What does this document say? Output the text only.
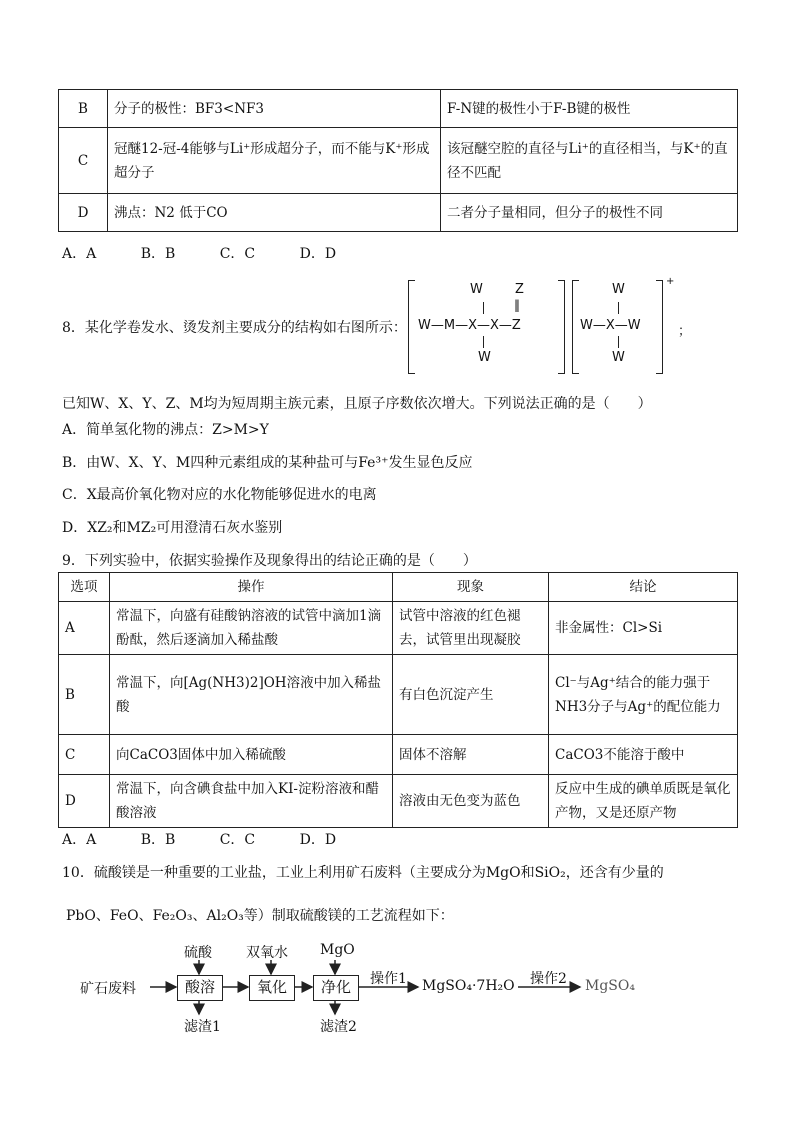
B	分子的极性：BF3<NF3	F-N键的极性小于F-B键的极性
C	冠醚12-冠-4能够与Li⁺形成超分子，而不能与K⁺形成超分子	该冠醚空腔的直径与Li⁺的直径相当，与K⁺的直径不匹配
D	沸点：N2 低于CO	二者分子量相同，但分子的极性不同
A．A	B．B	C．C	D．D
8．某化学卷发水、烫发剂主要成分的结构如右图所示：
W Z
‖
W—M—X—X—Z
W
W
W—X—W
W
+
；
已知W、X、Y、Z、M均为短周期主族元素，且原子序数依次增大。下列说法正确的是（　　）
A．简单氢化物的沸点：Z>M>Y
B．由W、X、Y、M四种元素组成的某种盐可与Fe³⁺发生显色反应
C．X最高价氧化物对应的水化物能够促进水的电离
D．XZ₂和MZ₂可用澄清石灰水鉴别
9．下列实验中，依据实验操作及现象得出的结论正确的是（　　）
选项	操作	现象	结论
A	常温下，向盛有硅酸钠溶液的试管中滴加1滴酚酞，然后逐滴加入稀盐酸	试管中溶液的红色褪去，试管里出现凝胶	非金属性：Cl>Si
B	常温下，向[Ag(NH3)2]OH溶液中加入稀盐酸	有白色沉淀产生	Cl⁻与Ag⁺结合的能力强于NH3分子与Ag⁺的配位能力
C	向CaCO3固体中加入稀硫酸	固体不溶解	CaCO3不能溶于酸中
D	常温下，向含碘食盐中加入KI-淀粉溶液和醋酸溶液	溶液由无色变为蓝色	反应中生成的碘单质既是氧化产物，又是还原产物
A．A	B．B	C．C	D．D
10．硫酸镁是一种重要的工业盐，工业上利用矿石废料（主要成分为MgO和SiO₂，还含有少量的
PbO、FeO、Fe₂O₃、Al₂O₃等）制取硫酸镁的工艺流程如下：
矿石废料
硫酸
酸溶
滤渣1
双氧水
氧化
MgO
净化
滤渣2
操作1 MgSO₄·7H₂O 操作2 MgSO₄
